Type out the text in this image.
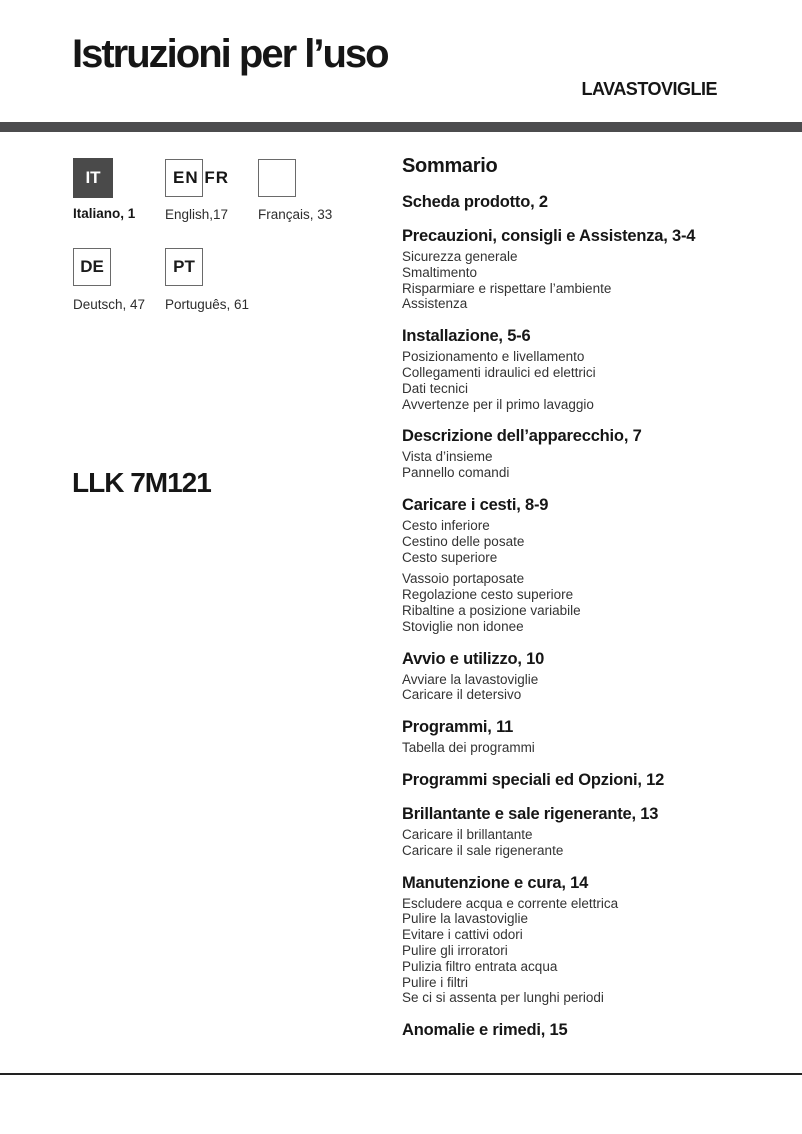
Istruzioni per l’uso
LAVASTOVIGLIE
IT	EN FR
Italiano, 1 English,17 Français, 33
DE	PT
Deutsch, 47 Português, 61
LLK 7M121
Sommario
Scheda prodotto, 2
Precauzioni, consigli e Assistenza, 3-4
Sicurezza generale
Smaltimento
Risparmiare e rispettare l’ambiente
Assistenza
Installazione, 5-6
Posizionamento e livellamento
Collegamenti idraulici ed elettrici
Dati tecnici
Avvertenze per il primo lavaggio
Descrizione dell’apparecchio, 7
Vista d’insieme
Pannello comandi
Caricare i cesti, 8-9
Cesto inferiore
Cestino delle posate
Cesto superiore
Vassoio portaposate
Regolazione cesto superiore
Ribaltine a posizione variabile
Stoviglie non idonee
Avvio e utilizzo, 10
Avviare la lavastoviglie
Caricare il detersivo
Programmi, 11
Tabella dei programmi
Programmi speciali ed Opzioni, 12
Brillantante e sale rigenerante, 13
Caricare il brillantante
Caricare il sale rigenerante
Manutenzione e cura, 14
Escludere acqua e corrente elettrica
Pulire la lavastoviglie
Evitare i cattivi odori
Pulire gli irroratori
Pulizia filtro entrata acqua
Pulire i filtri
Se ci si assenta per lunghi periodi
Anomalie e rimedi, 15
